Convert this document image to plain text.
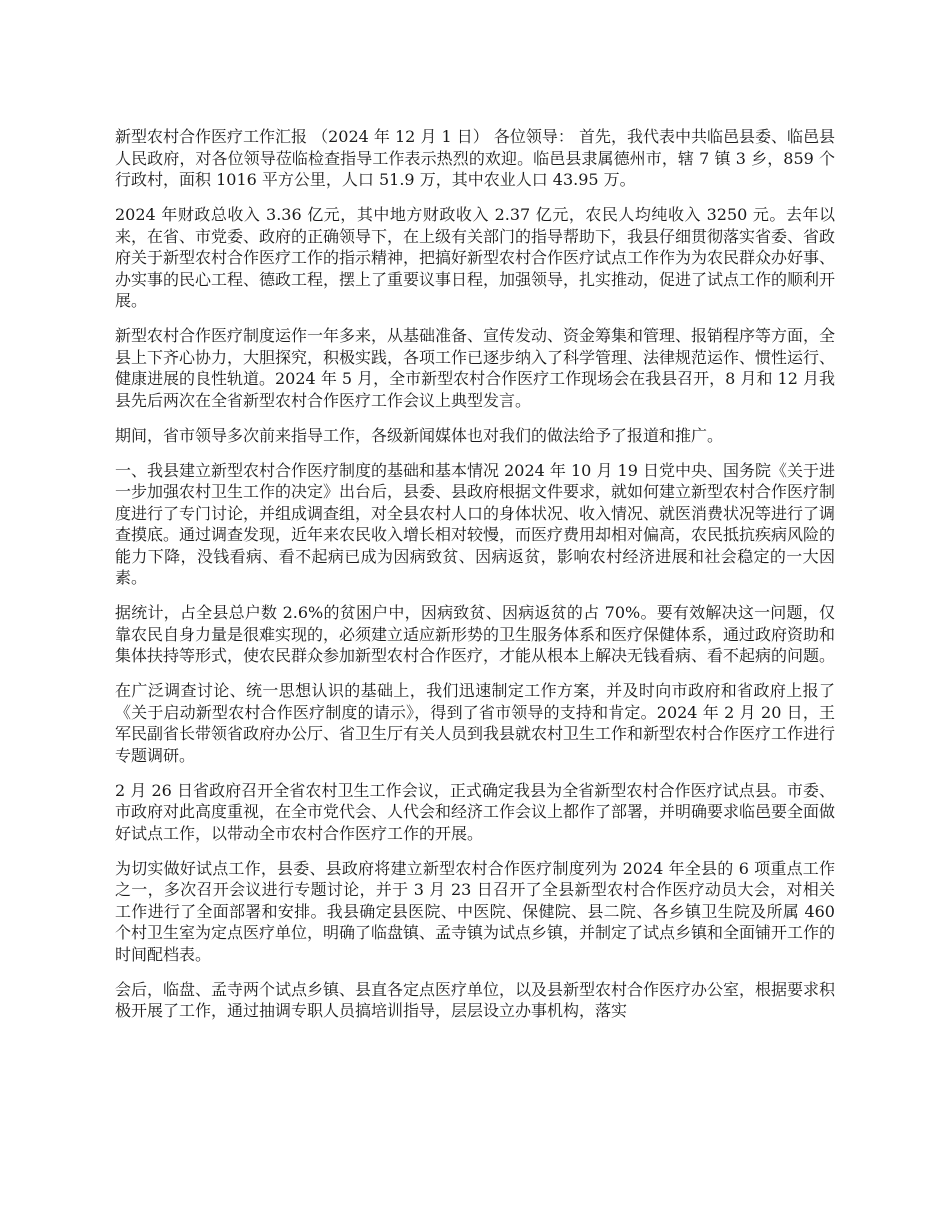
新型农村合作医疗工作汇报 （2024 年 12 月 1 日） 各位领导： 首先，我代表中共临邑县委、临邑县人民政府，对各位领导莅临检查指导工作表示热烈的欢迎。临邑县隶属德州市，辖 7 镇 3 乡，859 个行政村，面积 1016 平方公里，人口 51.9 万，其中农业人口 43.95 万。

2024 年财政总收入 3.36 亿元，其中地方财政收入 2.37 亿元，农民人均纯收入 3250 元。去年以来，在省、市党委、政府的正确领导下，在上级有关部门的指导帮助下，我县仔细贯彻落实省委、省政府关于新型农村合作医疗工作的指示精神，把搞好新型农村合作医疗试点工作作为为农民群众办好事、办实事的民心工程、德政工程，摆上了重要议事日程，加强领导，扎实推动，促进了试点工作的顺利开展。

新型农村合作医疗制度运作一年多来，从基础准备、宣传发动、资金筹集和管理、报销程序等方面，全县上下齐心协力，大胆探究，积极实践，各项工作已逐步纳入了科学管理、法律规范运作、惯性运行、健康进展的良性轨道。2024 年 5 月，全市新型农村合作医疗工作现场会在我县召开，8 月和 12 月我县先后两次在全省新型农村合作医疗工作会议上典型发言。

期间，省市领导多次前来指导工作，各级新闻媒体也对我们的做法给予了报道和推广。

一、我县建立新型农村合作医疗制度的基础和基本情况 2024 年 10 月 19 日党中央、国务院《关于进一步加强农村卫生工作的决定》出台后，县委、县政府根据文件要求，就如何建立新型农村合作医疗制度进行了专门讨论，并组成调查组，对全县农村人口的身体状况、收入情况、就医消费状况等进行了调查摸底。通过调查发现，近年来农民收入增长相对较慢，而医疗费用却相对偏高，农民抵抗疾病风险的能力下降，没钱看病、看不起病已成为因病致贫、因病返贫，影响农村经济进展和社会稳定的一大因素。

据统计，占全县总户数 2.6%的贫困户中，因病致贫、因病返贫的占 70%。要有效解决这一问题，仅靠农民自身力量是很难实现的，必须建立适应新形势的卫生服务体系和医疗保健体系，通过政府资助和集体扶持等形式，使农民群众参加新型农村合作医疗，才能从根本上解决无钱看病、看不起病的问题。

在广泛调查讨论、统一思想认识的基础上，我们迅速制定工作方案，并及时向市政府和省政府上报了《关于启动新型农村合作医疗制度的请示》，得到了省市领导的支持和肯定。2024 年 2 月 20 日，王军民副省长带领省政府办公厅、省卫生厅有关人员到我县就农村卫生工作和新型农村合作医疗工作进行专题调研。

2 月 26 日省政府召开全省农村卫生工作会议，正式确定我县为全省新型农村合作医疗试点县。市委、市政府对此高度重视，在全市党代会、人代会和经济工作会议上都作了部署，并明确要求临邑要全面做好试点工作，以带动全市农村合作医疗工作的开展。

为切实做好试点工作，县委、县政府将建立新型农村合作医疗制度列为 2024 年全县的 6 项重点工作之一，多次召开会议进行专题讨论，并于 3 月 23 日召开了全县新型农村合作医疗动员大会，对相关工作进行了全面部署和安排。我县确定县医院、中医院、保健院、县二院、各乡镇卫生院及所属 460 个村卫生室为定点医疗单位，明确了临盘镇、孟寺镇为试点乡镇，并制定了试点乡镇和全面铺开工作的时间配档表。

会后，临盘、孟寺两个试点乡镇、县直各定点医疗单位，以及县新型农村合作医疗办公室，根据要求积极开展了工作，通过抽调专职人员搞培训指导，层层设立办事机构，落实
